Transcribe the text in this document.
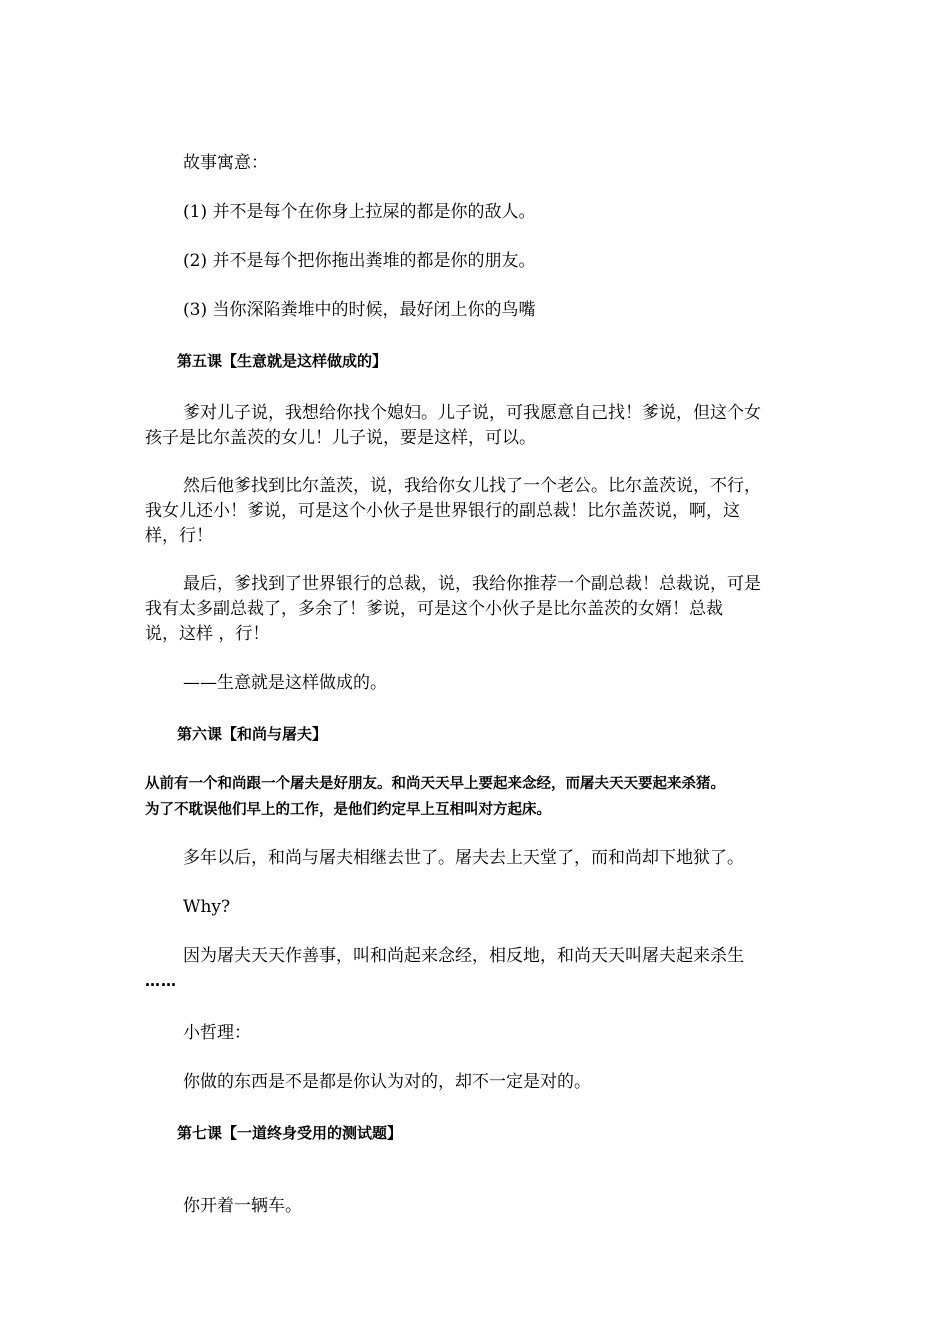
故事寓意：
(1) 并不是每个在你身上拉屎的都是你的敌人。
(2) 并不是每个把你拖出粪堆的都是你的朋友。
(3) 当你深陷粪堆中的时候，最好闭上你的鸟嘴
第五课【生意就是这样做成的】
爹对儿子说，我想给你找个媳妇。儿子说，可我愿意自己找！爹说，但这个女
孩子是比尔盖茨的女儿！儿子说，要是这样，可以。
然后他爹找到比尔盖茨，说，我给你女儿找了一个老公。比尔盖茨说，不行，
我女儿还小！爹说，可是这个小伙子是世界银行的副总裁！比尔盖茨说，啊，这
样，行！
最后，爹找到了世界银行的总裁，说，我给你推荐一个副总裁！总裁说，可是
我有太多副总裁了，多余了！爹说，可是这个小伙子是比尔盖茨的女婿！总裁
说，这样 ，行！
——生意就是这样做成的。
第六课【和尚与屠夫】
从前有一个和尚跟一个屠夫是好朋友。和尚天天早上要起来念经，而屠夫天天要起来杀猪。
为了不耽误他们早上的工作，是他们约定早上互相叫对方起床。
多年以后，和尚与屠夫相继去世了。屠夫去上天堂了，而和尚却下地狱了。
Why?
因为屠夫天天作善事，叫和尚起来念经，相反地，和尚天天叫屠夫起来杀生
……
小哲理：
你做的东西是不是都是你认为对的，却不一定是对的。
第七课【一道终身受用的测试题】
你开着一辆车。
